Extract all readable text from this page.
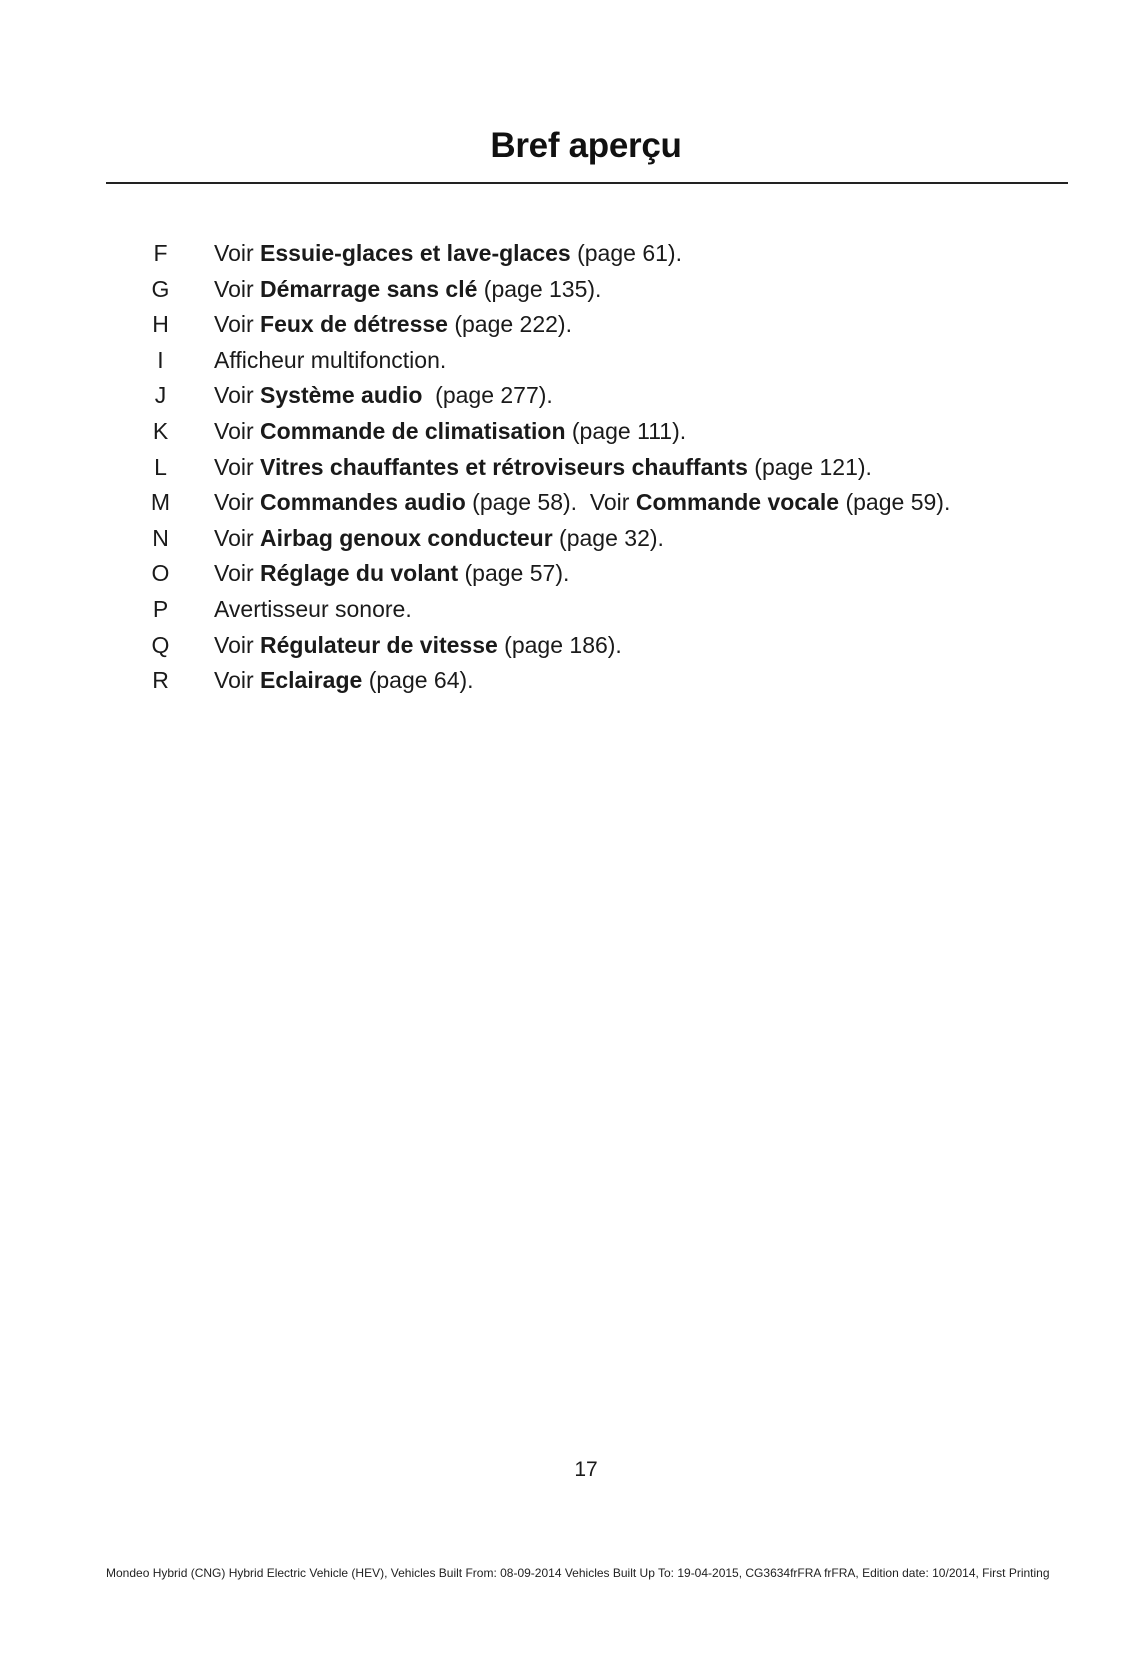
Bref aperçu
F	Voir Essuie-glaces et lave-glaces (page 61).
G	Voir Démarrage sans clé (page 135).
H	Voir Feux de détresse (page 222).
I	Afficheur multifonction.
J	Voir Système audio  (page 277).
K	Voir Commande de climatisation (page 111).
L	Voir Vitres chauffantes et rétroviseurs chauffants (page 121).
M	Voir Commandes audio (page 58).  Voir Commande vocale (page 59).
N	Voir Airbag genoux conducteur (page 32).
O	Voir Réglage du volant (page 57).
P	Avertisseur sonore.
Q	Voir Régulateur de vitesse (page 186).
R	Voir Eclairage (page 64).
17
Mondeo Hybrid (CNG) Hybrid Electric Vehicle (HEV), Vehicles Built From: 08-09-2014 Vehicles Built Up To: 19-04-2015, CG3634frFRA frFRA, Edition date: 10/2014, First Printing
